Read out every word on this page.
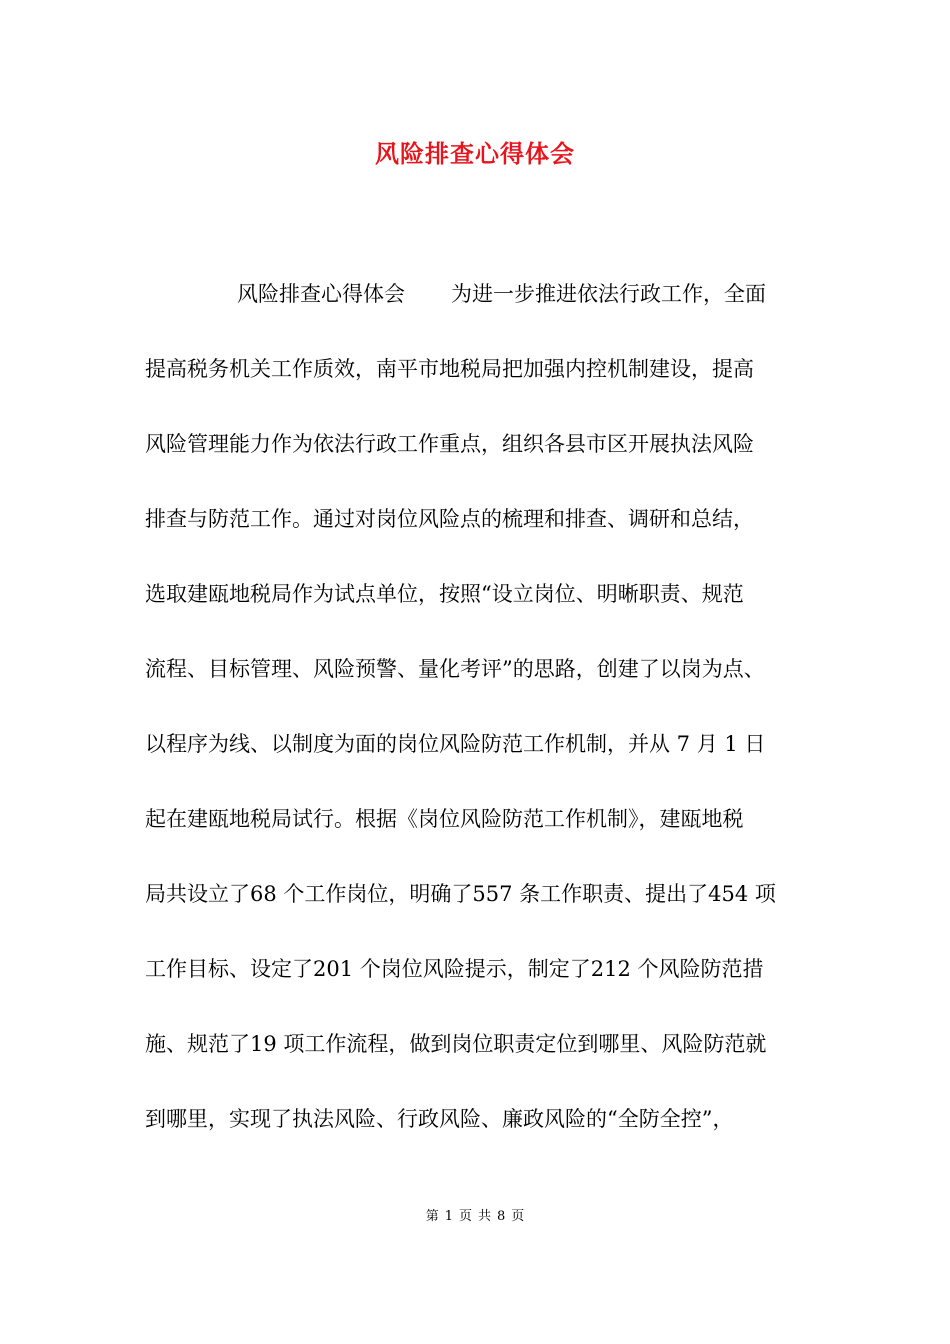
风险排查心得体会
风险排查心得体会 为进一步推进依法行政工作，全面
提高税务机关工作质效，南平市地税局把加强内控机制建设，提高
风险管理能力作为依法行政工作重点，组织各县市区开展执法风险
排查与防范工作。通过对岗位风险点的梳理和排查、调研和总结，
选取建瓯地税局作为试点单位，按照“设立岗位、明晰职责、规范
流程、目标管理、风险预警、量化考评”的思路，创建了以岗为点、
以程序为线、以制度为面的岗位风险防范工作机制，并从 7 月 1 日
起在建瓯地税局试行。根据《岗位风险防范工作机制》，建瓯地税
局共设立了68 个工作岗位，明确了557 条工作职责、提出了454 项
工作目标、设定了201 个岗位风险提示，制定了212 个风险防范措
施、规范了19 项工作流程，做到岗位职责定位到哪里、风险防范就
到哪里，实现了执法风险、行政风险、廉政风险的“全防全控”，
第 1 页 共 8 页
